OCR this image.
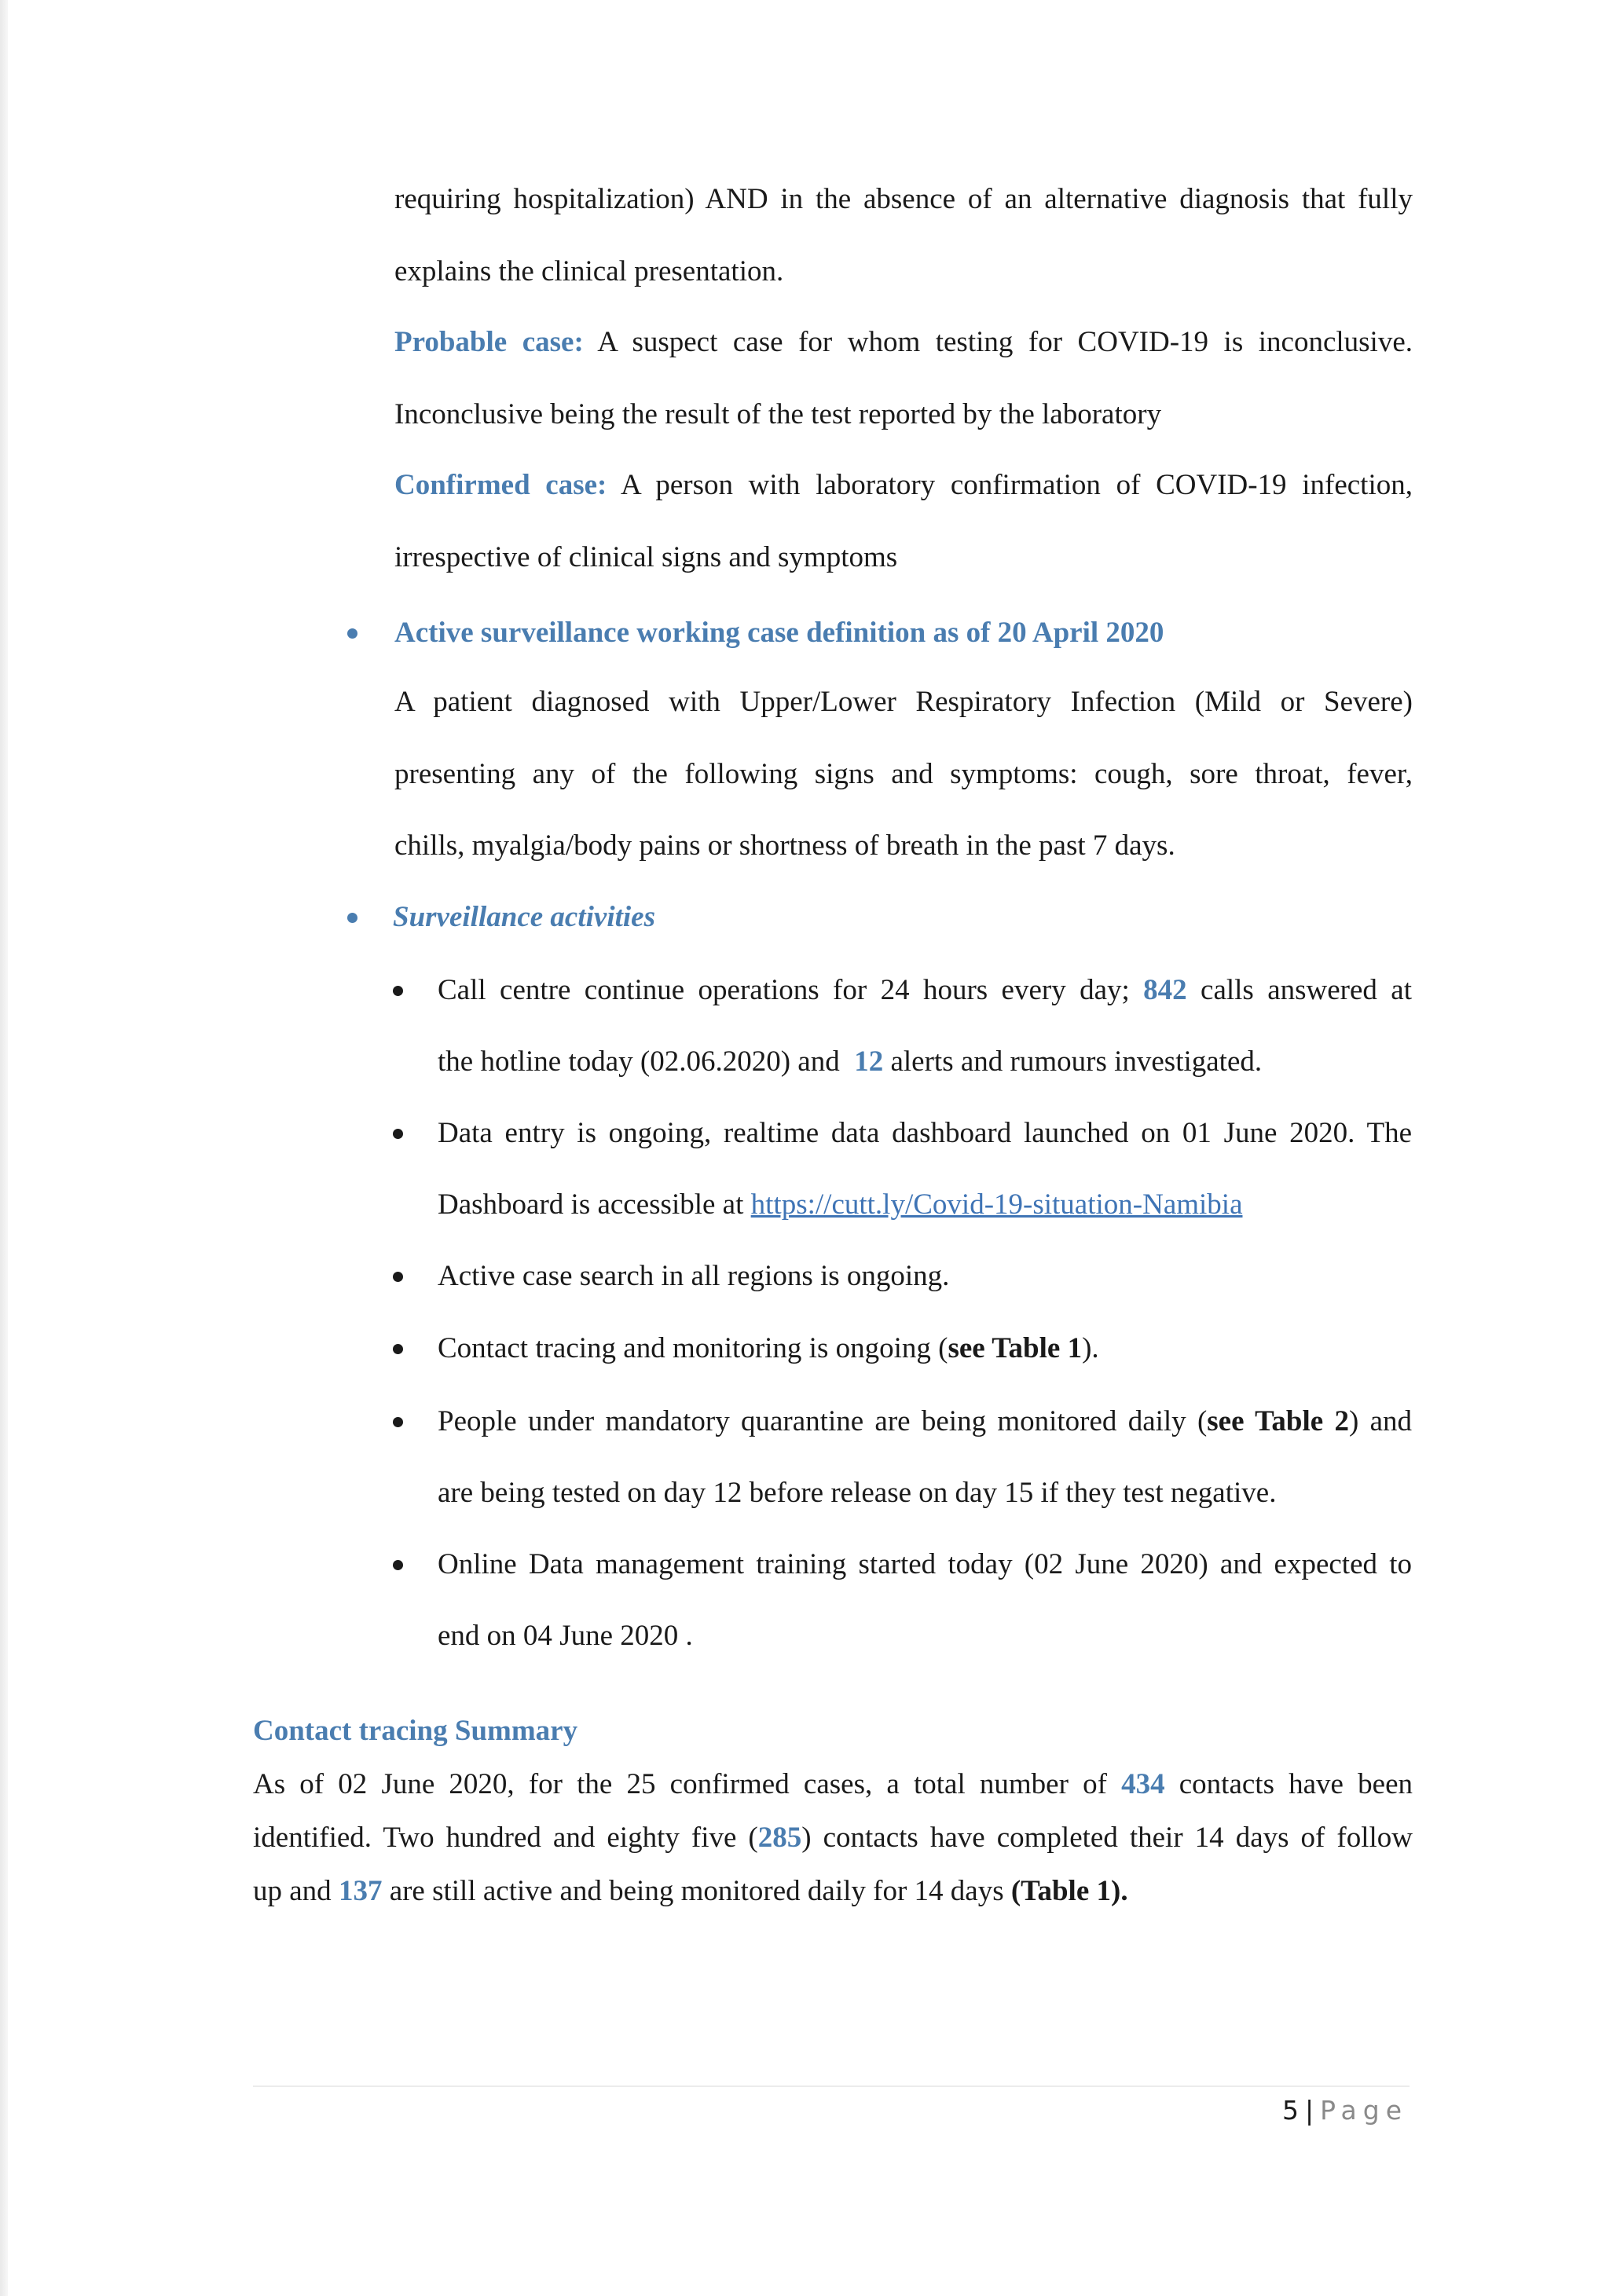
requiring hospitalization) AND in the absence of an alternative diagnosis that fully
explains the clinical presentation.
Probable case: A suspect case for whom testing for COVID-19 is inconclusive.
Inconclusive being the result of the test reported by the laboratory
Confirmed case: A person with laboratory confirmation of COVID-19 infection,
irrespective of clinical signs and symptoms
Active surveillance working case definition as of 20 April 2020
A patient diagnosed with Upper/Lower Respiratory Infection (Mild or Severe)
presenting any of the following signs and symptoms: cough, sore throat, fever,
chills, myalgia/body pains or shortness of breath in the past 7 days.
Surveillance activities
Call centre continue operations for 24 hours every day; 842 calls answered at
the hotline today (02.06.2020) and  12 alerts and rumours investigated.
Data entry is ongoing, realtime data dashboard launched on 01 June 2020. The
Dashboard is accessible at https://cutt.ly/Covid-19-situation-Namibia
Active case search in all regions is ongoing.
Contact tracing and monitoring is ongoing (see Table 1).
People under mandatory quarantine are being monitored daily (see Table 2) and
are being tested on day 12 before release on day 15 if they test negative.
Online Data management training started today (02 June 2020) and expected to
end on 04 June 2020 .
Contact tracing Summary
As of 02 June 2020, for the 25 confirmed cases, a total number of 434 contacts have been
identified. Two hundred and eighty five (285) contacts have completed their 14 days of follow
up and 137 are still active and being monitored daily for 14 days (Table 1).
5 | Page
